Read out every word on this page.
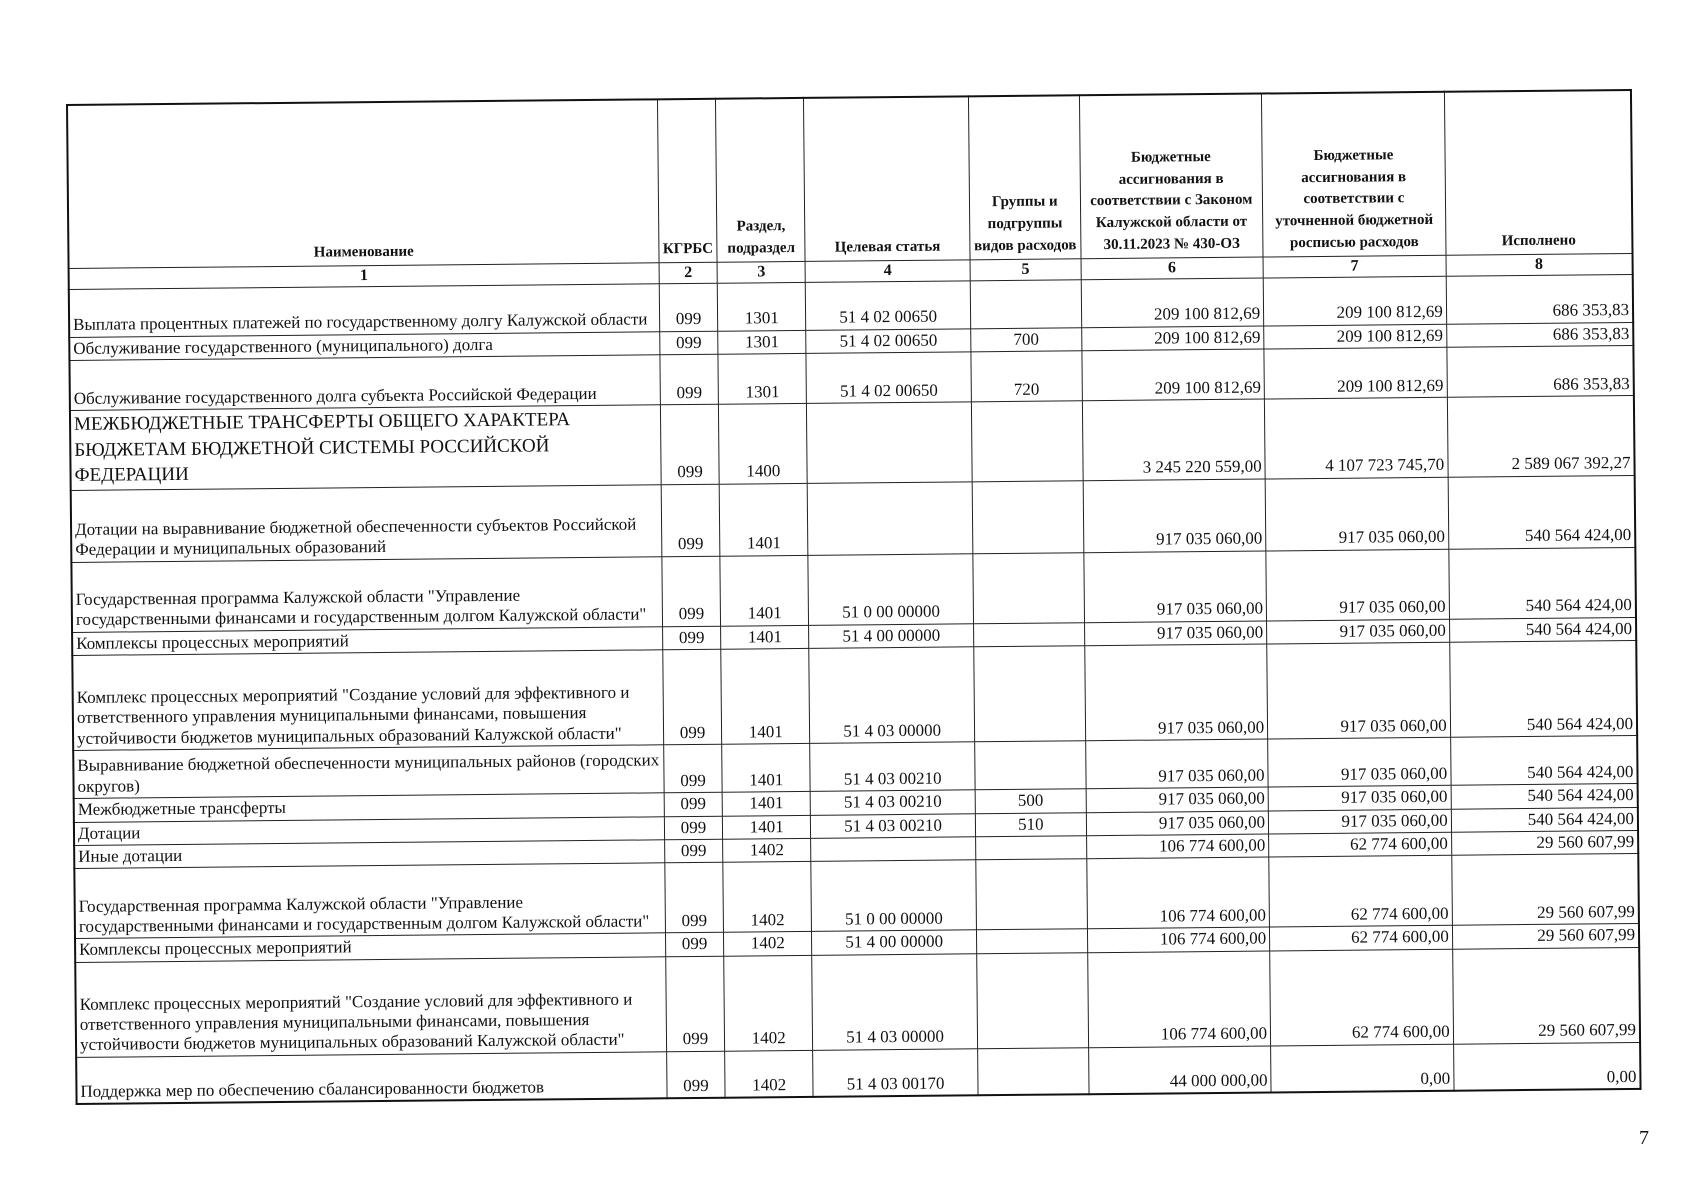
Наименование	КГРБС	Раздел, подраздел	Целевая статья	Группы и подгруппы видов расходов	Бюджетные ассигнования в соответствии с Законом Калужской области от 30.11.2023 № 430-ОЗ	Бюджетные ассигнования в соответствии с уточненной бюджетной росписью расходов	Исполнено
1	2	3	4	5	6	7	8
Выплата процентных платежей по государственному долгу Калужской области	099	1301	51 4 02 00650		209 100 812,69	209 100 812,69	686 353,83
Обслуживание государственного (муниципального) долга	099	1301	51 4 02 00650	700	209 100 812,69	209 100 812,69	686 353,83
Обслуживание государственного долга субъекта Российской Федерации	099	1301	51 4 02 00650	720	209 100 812,69	209 100 812,69	686 353,83
МЕЖБЮДЖЕТНЫЕ ТРАНСФЕРТЫ ОБЩЕГО ХАРАКТЕРА БЮДЖЕТАМ БЮДЖЕТНОЙ СИСТЕМЫ РОССИЙСКОЙ ФЕДЕРАЦИИ	099	1400			3 245 220 559,00	4 107 723 745,70	2 589 067 392,27
Дотации на выравнивание бюджетной обеспеченности субъектов Российской Федерации и муниципальных образований	099	1401			917 035 060,00	917 035 060,00	540 564 424,00
Государственная программа Калужской области "Управление государственными финансами и государственным долгом Калужской области"	099	1401	51 0 00 00000		917 035 060,00	917 035 060,00	540 564 424,00
Комплексы процессных мероприятий	099	1401	51 4 00 00000		917 035 060,00	917 035 060,00	540 564 424,00
Комплекс процессных мероприятий "Создание условий для эффективного и ответственного управления муниципальными финансами, повышения устойчивости бюджетов муниципальных образований Калужской области"	099	1401	51 4 03 00000		917 035 060,00	917 035 060,00	540 564 424,00
Выравнивание бюджетной обеспеченности муниципальных районов (городских округов)	099	1401	51 4 03 00210		917 035 060,00	917 035 060,00	540 564 424,00
Межбюджетные трансферты	099	1401	51 4 03 00210	500	917 035 060,00	917 035 060,00	540 564 424,00
Дотации	099	1401	51 4 03 00210	510	917 035 060,00	917 035 060,00	540 564 424,00
Иные дотации	099	1402			106 774 600,00	62 774 600,00	29 560 607,99
Государственная программа Калужской области "Управление государственными финансами и государственным долгом Калужской области"	099	1402	51 0 00 00000		106 774 600,00	62 774 600,00	29 560 607,99
Комплексы процессных мероприятий	099	1402	51 4 00 00000		106 774 600,00	62 774 600,00	29 560 607,99
Комплекс процессных мероприятий "Создание условий для эффективного и ответственного управления муниципальными финансами, повышения устойчивости бюджетов муниципальных образований Калужской области"	099	1402	51 4 03 00000		106 774 600,00	62 774 600,00	29 560 607,99
Поддержка мер по обеспечению сбалансированности бюджетов	099	1402	51 4 03 00170		44 000 000,00	0,00	0,00
7
